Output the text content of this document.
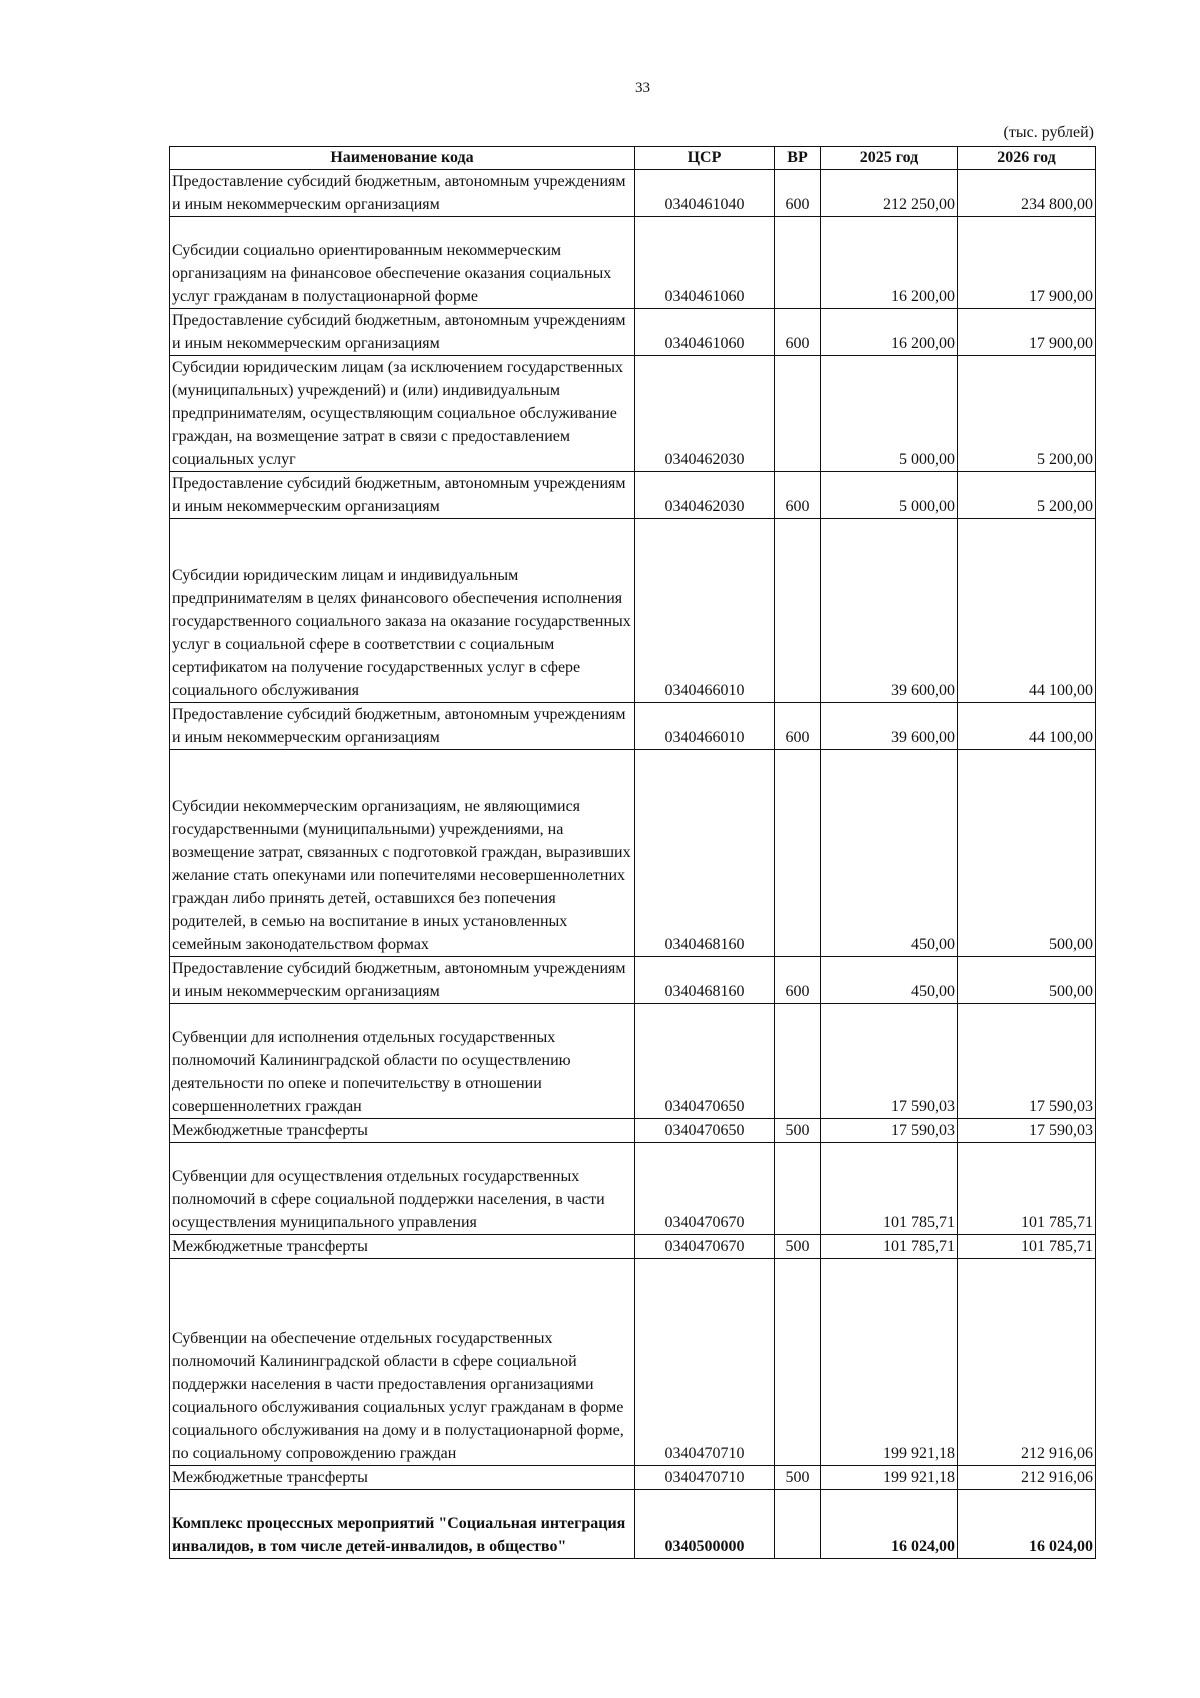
33
(тыс. рублей)
Наименование кода	ЦСР	ВР	2025 год	2026 год
Предоставление субсидий бюджетным, автономным учреждениям и иным некоммерческим организациям	0340461040	600	212 250,00	234 800,00
Субсидии социально ориентированным некоммерческим организациям на финансовое обеспечение оказания социальных услуг гражданам в полустационарной форме	0340461060		16 200,00	17 900,00
Предоставление субсидий бюджетным, автономным учреждениям и иным некоммерческим организациям	0340461060	600	16 200,00	17 900,00
Субсидии юридическим лицам (за исключением государственных (муниципальных) учреждений) и (или) индивидуальным предпринимателям, осуществляющим социальное обслуживание граждан, на возмещение затрат в связи с предоставлением социальных услуг	0340462030		5 000,00	5 200,00
Предоставление субсидий бюджетным, автономным учреждениям и иным некоммерческим организациям	0340462030	600	5 000,00	5 200,00
Субсидии юридическим лицам и индивидуальным предпринимателям в целях финансового обеспечения исполнения государственного социального заказа на оказание государственных услуг в социальной сфере в соответствии с социальным сертификатом на получение государственных услуг в сфере социального обслуживания	0340466010		39 600,00	44 100,00
Предоставление субсидий бюджетным, автономным учреждениям и иным некоммерческим организациям	0340466010	600	39 600,00	44 100,00
Субсидии некоммерческим организациям, не являющимися государственными (муниципальными) учреждениями, на возмещение затрат, связанных с подготовкой граждан, выразивших желание стать опекунами или попечителями несовершеннолетних граждан либо принять детей, оставшихся без попечения родителей, в семью на воспитание в иных установленных семейным законодательством формах	0340468160		450,00	500,00
Предоставление субсидий бюджетным, автономным учреждениям и иным некоммерческим организациям	0340468160	600	450,00	500,00
Субвенции для исполнения отдельных государственных полномочий Калининградской области по осуществлению деятельности по опеке и попечительству в отношении совершеннолетних граждан	0340470650		17 590,03	17 590,03
Межбюджетные трансферты	0340470650	500	17 590,03	17 590,03
Субвенции для осуществления отдельных государственных полномочий в сфере социальной поддержки населения, в части осуществления муниципального управления	0340470670		101 785,71	101 785,71
Межбюджетные трансферты	0340470670	500	101 785,71	101 785,71
Субвенции на обеспечение отдельных государственных полномочий Калининградской области в сфере социальной поддержки населения в части предоставления организациями социального обслуживания социальных услуг гражданам в форме социального обслуживания на дому и в полустационарной форме, по социальному сопровождению граждан	0340470710		199 921,18	212 916,06
Межбюджетные трансферты	0340470710	500	199 921,18	212 916,06
Комплекс процессных мероприятий "Социальная интеграция инвалидов, в том числе детей-инвалидов, в общество"	0340500000		16 024,00	16 024,00
